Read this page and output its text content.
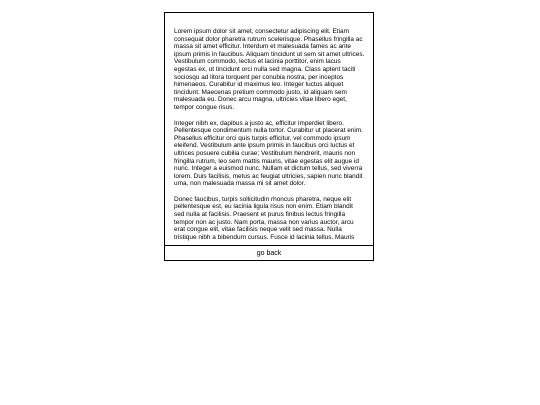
Lorem ipsum dolor sit amet, consectetur adipiscing elit. Etiam consequat dolor pharetra rutrum scelerisque. Phasellus fringilla ac massa sit amet efficitur. Interdum et malesuada fames ac ante ipsum primis in faucibus. Aliquam tincidunt ut sem sit amet ultrices. Vestibulum commodo, lectus et lacinia porttitor, enim lacus egestas ex, ut tincidunt orci nulla sed magna. Class aptent taciti sociosqu ad litora torquent per conubia nostra, per inceptos himenaeos. Curabitur id maximus leo. Integer luctus aliquet tincidunt. Maecenas pretium commodo justo, id aliquam sem malesuada eu. Donec arcu magna, ultricies vitae libero eget, tempor congue risus.

Integer nibh ex, dapibus a justo ac, efficitur imperdiet libero. Pellentesque condimentum nulla tortor. Curabitur ut placerat enim. Phasellus efficitur orci quis turpis efficitur, vel commodo ipsum eleifend. Vestibulum ante ipsum primis in faucibus orci luctus et ultrices posuere cubilia curae; Vestibulum hendrerit, mauris non fringilla rutrum, leo sem mattis mauris, vitae egestas elit augue id nunc. Integer a euismod nunc. Nullam et dictum tellus, sed viverra lorem. Duis facilisis, metus ac feugiat ultricies, sapien nunc blandit uma, non malesuada massa mi sit amet dolor.

Donec faucibus, turpis sollicitudin rhoncus pharetra, neque elit pellentesque est, eu lacinia ligula risus non enim. Etiam blandit sed nulla at facilisis. Praesent et purus finibus lectus fringilla tempor non ac justo. Nam porta, massa non varius auctor, arcu erat congue elit, vitae facilisis neque velit sed massa. Nulla tristique nibh a bibendum cursus. Fusce id lacinia tellus. Mauris

go back
